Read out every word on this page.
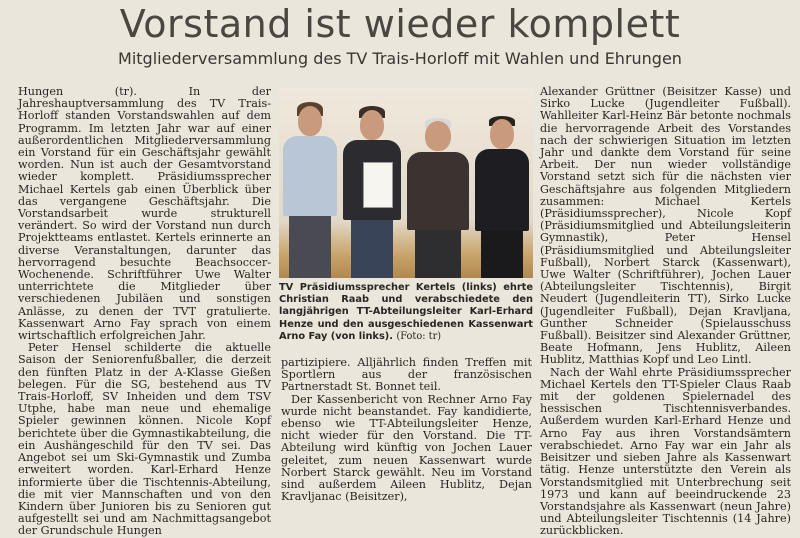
Vorstand ist wieder komplett
Mitgliederversammlung des TV Trais-Horloff mit Wahlen und Ehrungen

Hungen (tr). In der Jahreshauptversammlung des TV Trais-Horloff standen Vorstandswahlen auf dem Programm. Im letzten Jahr war auf einer außerordentlichen Mitgliederversammlung ein Vorstand für ein Geschäftsjahr gewählt worden. Nun ist auch der Gesamtvorstand wieder komplett. Präsidiumssprecher Michael Kertels gab einen Überblick über das vergangene Geschäftsjahr. Die Vorstandsarbeit wurde strukturell verändert. So wird der Vorstand nun durch Projektteams entlastet. Kertels erinnerte an diverse Veranstaltungen, darunter das hervorragend besuchte Beachsoccer-Wochenende. Schriftführer Uwe Walter unterrichtete die Mitglieder über verschiedenen Jubiläen und sonstigen Anlässe, zu denen der TVT gratulierte. Kassenwart Arno Fay sprach von einem wirtschaftlich erfolgreichen Jahr.

Peter Hensel schilderte die aktuelle Saison der Seniorenfußballer, die derzeit den fünften Platz in der A-Klasse Gießen belegen. Für die SG, bestehend aus TV Trais-Horloff, SV Inheiden und dem TSV Utphe, habe man neue und ehemalige Spieler gewinnen können. Nicole Kopf berichtete über die Gymnastikabteilung, die ein Aushängeschild für den TV sei. Das Angebot sei um Ski-Gymnastik und Zumba erweitert worden. Karl-Erhard Henze informierte über die Tischtennis-Abteilung, die mit vier Mannschaften und von den Kindern über Junioren bis zu Senioren gut aufgestellt sei und am Nachmittagsangebot der Grundschule Hungen

TV Präsidiumssprecher Kertels (links) ehrte Christian Raab und verabschiedete den langjährigen TT-Abteilungsleiter Karl-Erhard Henze und den ausgeschiedenen Kassenwart Arno Fay (von links). (Foto: tr)

partizipiere. Alljährlich finden Treffen mit Sportlern aus der französischen Partnerstadt St. Bonnet teil.

Der Kassenbericht von Rechner Arno Fay wurde nicht beanstandet. Fay kandidierte, ebenso wie TT-Abteilungsleiter Henze, nicht wieder für den Vorstand. Die TT-Abteilung wird künftig von Jochen Lauer geleitet, zum neuen Kassenwart wurde Norbert Starck gewählt. Neu im Vorstand sind außerdem Aileen Hublitz, Dejan Kravljanac (Beisitzer),

Alexander Grüttner (Beisitzer Kasse) und Sirko Lucke (Jugendleiter Fußball). Wahlleiter Karl-Heinz Bär betonte nochmals die hervorragende Arbeit des Vorstandes nach der schwierigen Situation im letzten Jahr und dankte dem Vorstand für seine Arbeit. Der nun wieder vollständige Vorstand setzt sich für die nächsten vier Geschäftsjahre aus folgenden Mitgliedern zusammen: Michael Kertels (Präsidiumssprecher), Nicole Kopf (Präsidiumsmitglied und Abteilungsleiterin Gymnastik), Peter Hensel (Präsidiumsmitglied und Abteilungsleiter Fußball), Norbert Starck (Kassenwart), Uwe Walter (Schriftführer), Jochen Lauer (Abteilungsleiter Tischtennis), Birgit Neudert (Jugendleiterin TT), Sirko Lucke (Jugendleiter Fußball), Dejan Kravljana, Gunther Schneider (Spielausschuss Fußball). Beisitzer sind Alexander Grüttner, Beate Hofmann, Jens Hublitz, Aileen Hublitz, Matthias Kopf und Leo Lintl.

Nach der Wahl ehrte Präsidiumssprecher Michael Kertels den TT-Spieler Claus Raab mit der goldenen Spielernadel des hessischen Tischtennisverbandes. Außerdem wurden Karl-Erhard Henze und Arno Fay aus ihren Vorstandsämtern verabschiedet. Arno Fay war ein Jahr als Beisitzer und sieben Jahre als Kassenwart tätig. Henze unterstützte den Verein als Vorstandsmitglied mit Unterbrechung seit 1973 und kann auf beeindruckende 23 Vorstandsjahre als Kassenwart (neun Jahre) und Abteilungsleiter Tischtennis (14 Jahre) zurückblicken.
